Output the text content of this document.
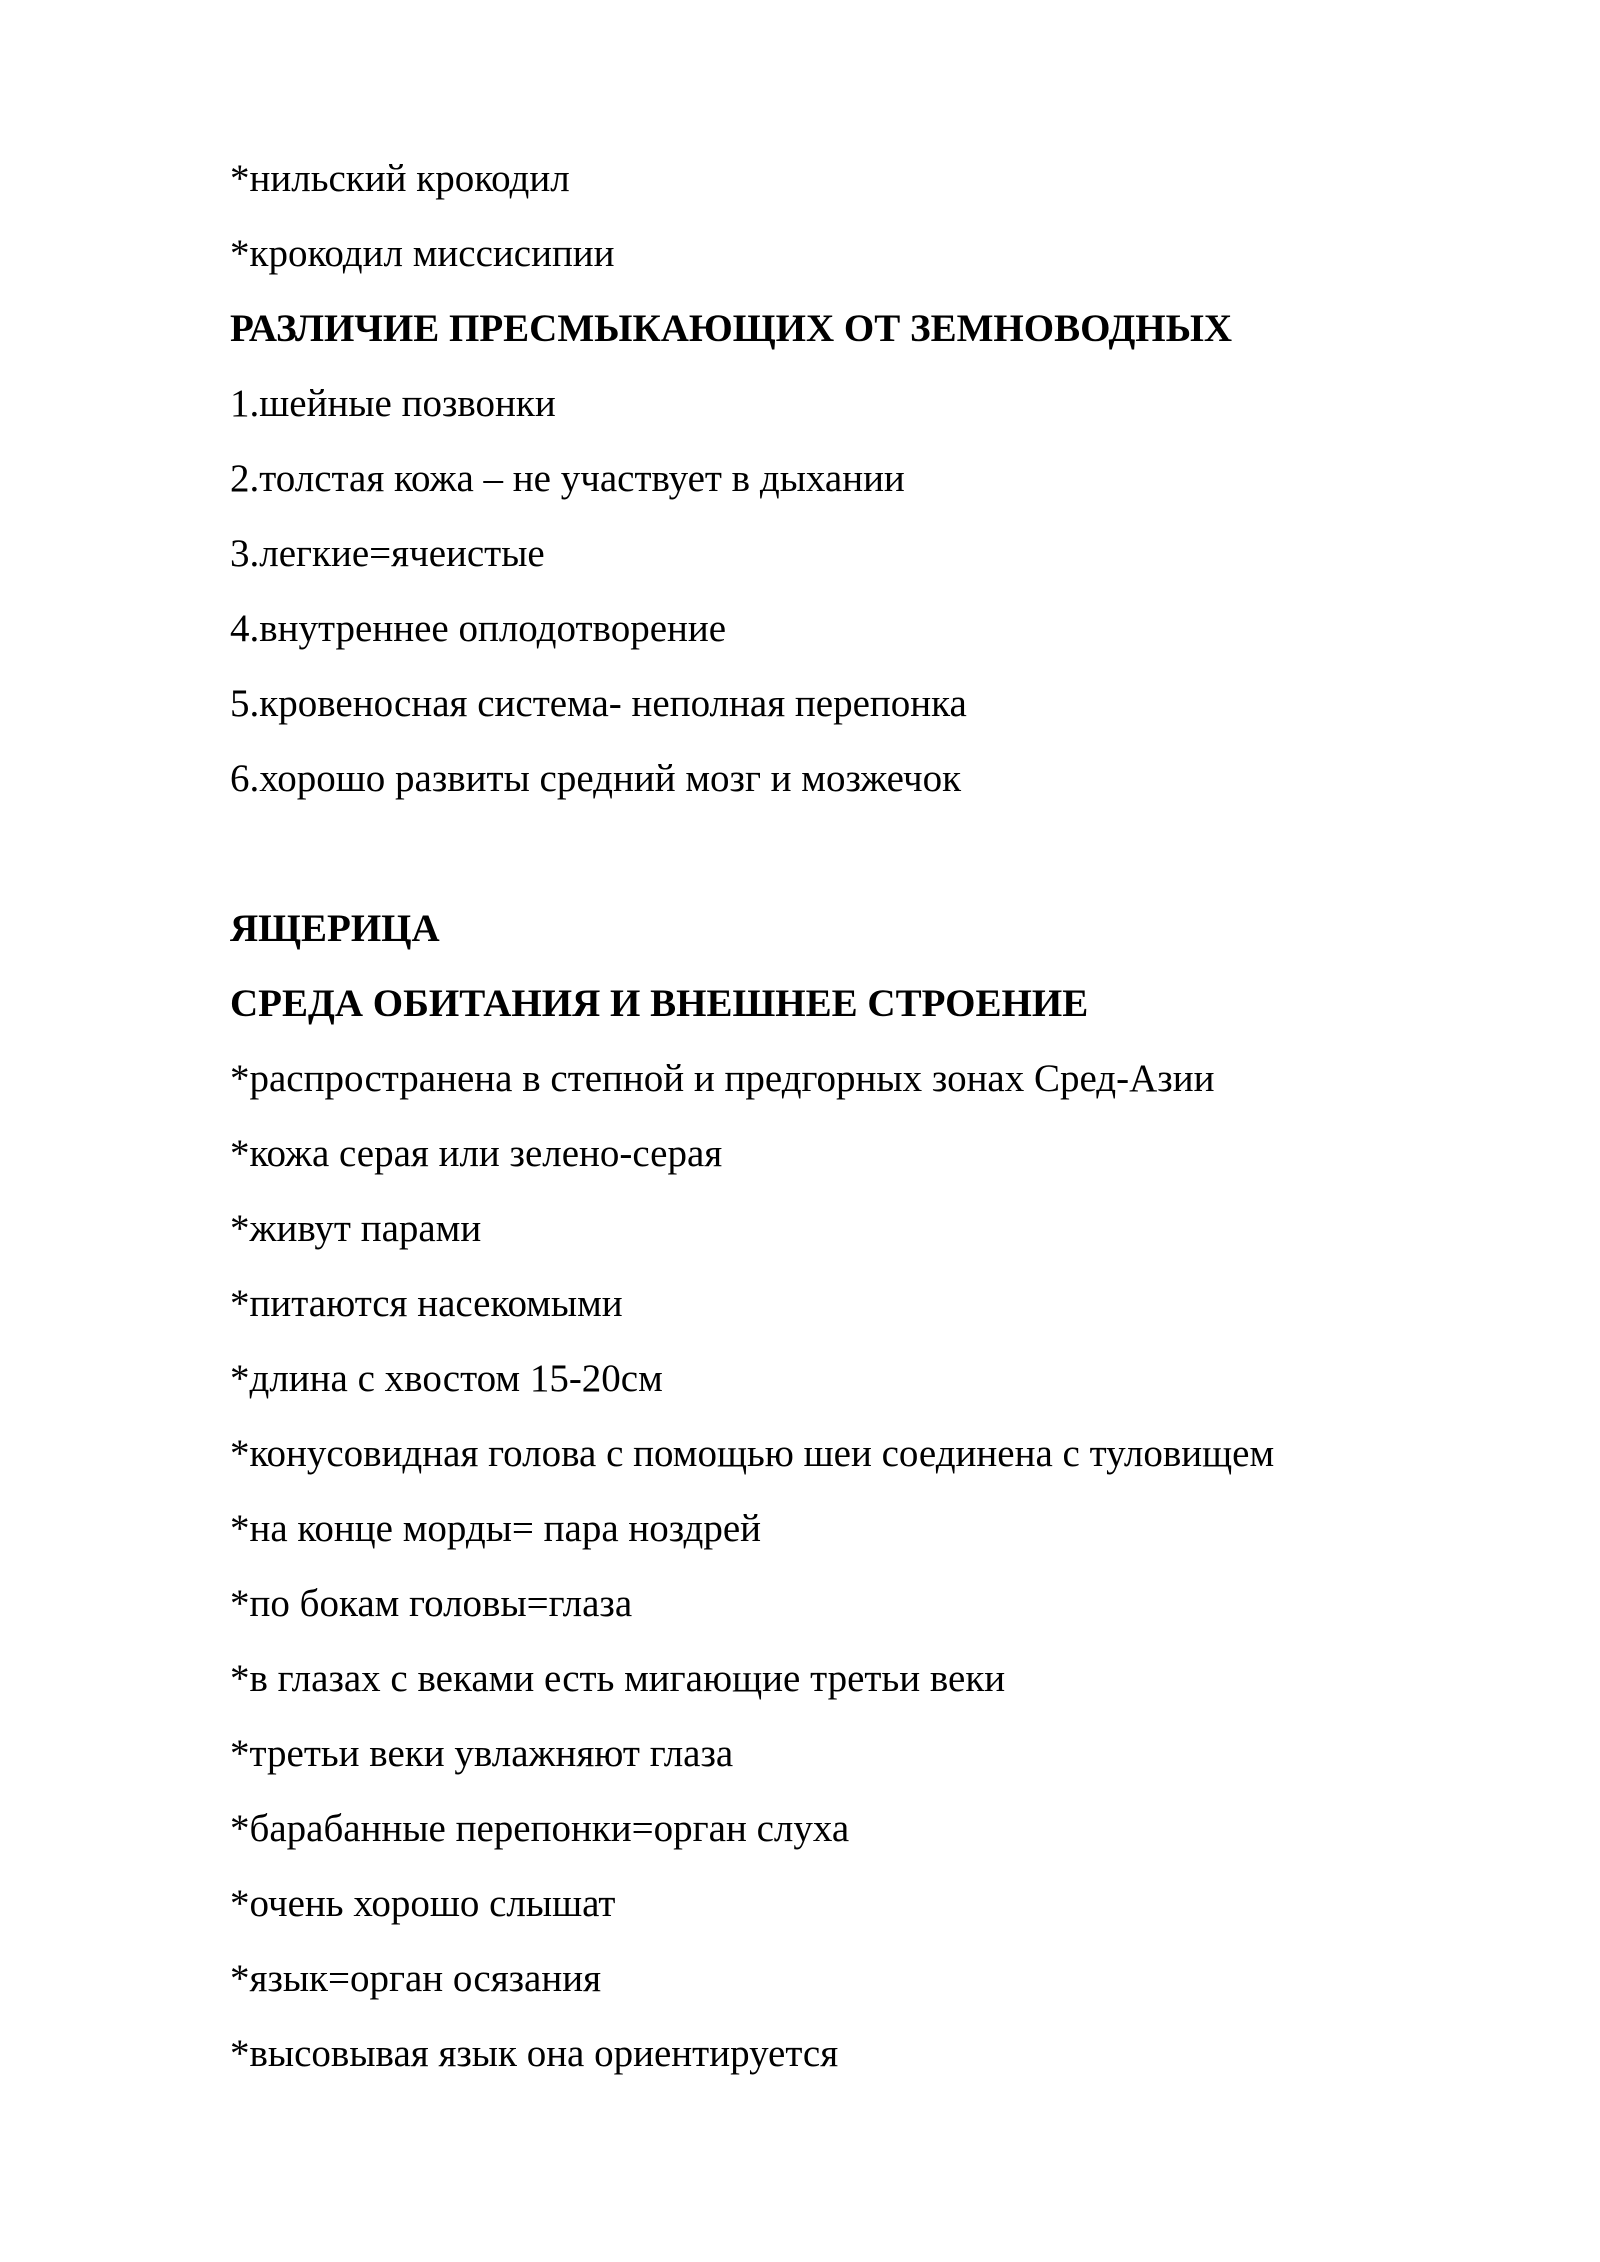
*нильский крокодил
*крокодил миссисипии
РАЗЛИЧИЕ ПРЕСМЫКАЮЩИХ ОТ ЗЕМНОВОДНЫХ
1.шейные позвонки
2.толстая кожа – не участвует в дыхании
3.легкие=ячеистые
4.внутреннее оплодотворение
5.кровеносная система- неполная перепонка
6.хорошо развиты средний мозг и мозжечок
ЯЩЕРИЦА
СРЕДА ОБИТАНИЯ И ВНЕШНЕЕ СТРОЕНИЕ
*распространена в степной и предгорных зонах Сред-Азии
*кожа серая или зелено-серая
*живут парами
*питаются насекомыми
*длина с хвостом 15-20см
*конусовидная голова с помощью шеи соединена с туловищем
*на конце морды= пара ноздрей
*по бокам головы=глаза
*в глазах с веками есть мигающие третьи веки
*третьи веки увлажняют глаза
*барабанные перепонки=орган слуха
*очень хорошо слышат
*язык=орган осязания
*высовывая язык она ориентируется
